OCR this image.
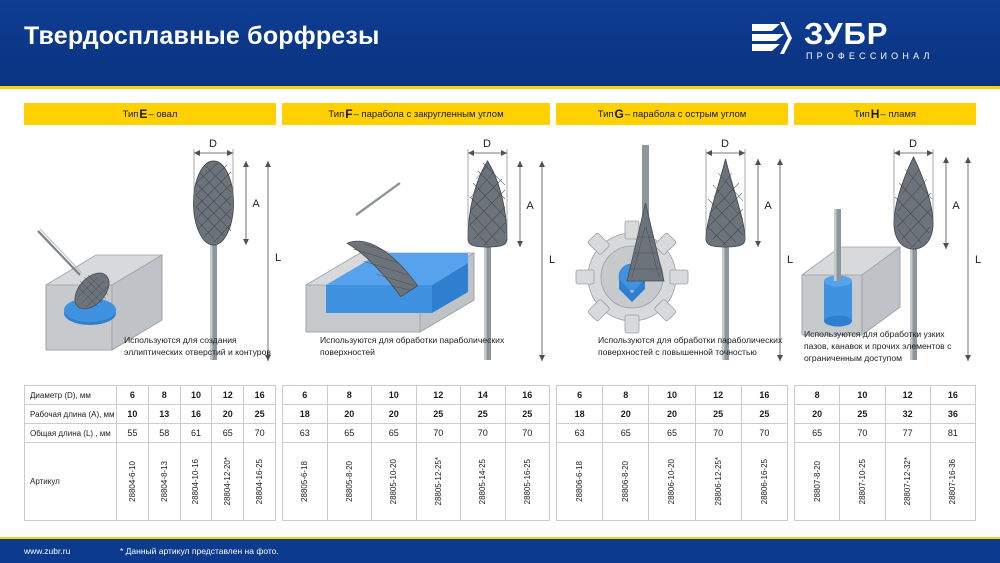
Твердосплавные борфрезы	ЗУБР
ПРОФЕССИОНАЛ
Тип E – овал
D
A
L
Используются для создания эллиптических отверстий и контуров
Диаметр (D), мм	6	8	10	12	16
Рабочая длина (А), мм	10	13	16	20	25
Общая длина (L) , мм	55	58	61	65	70
Артикул	28804-6-10	28804-8-13	28804-10-16	28804-12-20*	28804-16-25
Тип F – парабола с закругленным углом
D
A
L
Используются для обработки параболических поверхностей
6	8	10	12	14	16
18	20	20	25	25	25
63	65	65	70	70	70

28805-6-18	28805-8-20	28805-10-20	28805-12-25*	28805-14-25	28805-16-25
Тип G – парабола с острым углом
D
A
L
Используются для обработки параболических поверхностей с повышенной точностью
6	8	10	12	16
18	20	20	25	25
63	65	65	70	70

28806-6-18	28806-8-20	28806-10-20	28806-12-25*	28806-16-25
Тип H – пламя
D
A
L
Используются для обработки узких пазов, канавок и прочих элементов с ограниченным доступом
8	10	12	16
20	25	32	36
65	70	77	81

28807-8-20	28807-10-25	28807-12-32*	28807-16-36
www.zubr.ru	* Данный артикул представлен на фото.
